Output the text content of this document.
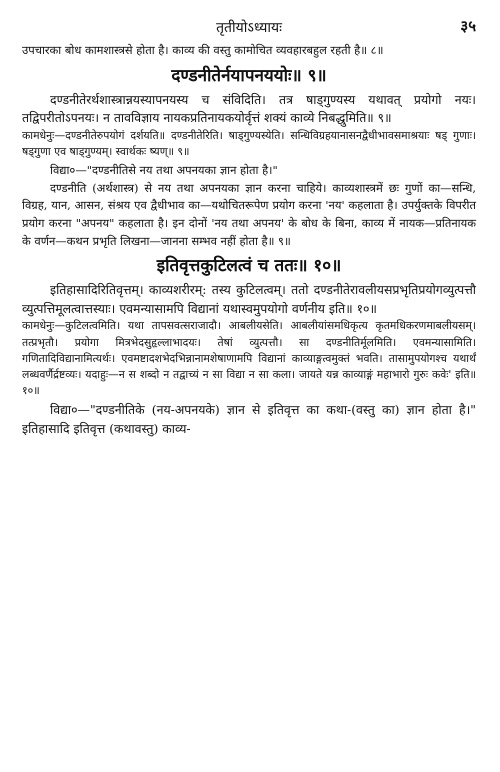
तृतीयोऽध्यायः	३५

उपचारका बोध कामशास्त्रसे होता है। काव्य की वस्तु कामोचित व्यवहारबहुल रहती है॥ ८॥

दण्डनीतेर्नयापनययोः॥ ९॥

दण्डनीतेरर्थशास्त्रान्नयस्यापनयस्य च संविदिति। तत्र षाड्गुण्यस्य यथावत् प्रयोगो नयः। तद्विपरीतोऽपनयः। न तावविज्ञाय नायकप्रतिनायकयोर्वृत्तं शक्यं काव्ये निबद्धुमिति॥ ९॥

कामधेनुः—दण्डनीतेरुपयोगं दर्शयति॥ दण्डनीतेरिति। षाड्गुण्यस्येति। सन्धिविग्रहयानासनद्वैधीभावसमाश्रयाः षड् गुणाः। षड्गुणा एव षाड्गुण्यम्। स्वार्थकः ष्यण्॥ ९॥

विद्या०—"दण्डनीतिसे नय तथा अपनयका ज्ञान होता है।"

दण्डनीति (अर्थशास्त्र) से नय तथा अपनयका ज्ञान करना चाहिये। काव्यशास्त्रमें छः गुणों का—सन्धि, विग्रह, यान, आसन, संश्रय एव द्वैधीभाव का—यथोचितरूपेण प्रयोग करना 'नय' कहलाता है। उपर्युक्तके विपरीत प्रयोग करना "अपनय" कहलाता है। इन दोनों 'नय तथा अपनय' के बोध के बिना, काव्य में नायक—प्रतिनायक के वर्णन—कथन प्रभृति लिखना—जानना सम्भव नहीं होता है॥ ९॥

इतिवृत्तकुटिलत्वं च ततः॥ १०॥

इतिहासादिरितिवृत्तम्। काव्यशरीरम्: तस्य कुटिलत्वम्। ततो दण्डनीतेरावलीयसप्रभृतिप्रयोगव्युत्पत्तौ व्युत्पत्तिमूलत्वात्तस्याः। एवमन्यासामपि विद्यानां यथास्वमुपयोगो वर्णनीय इति॥ १०॥

कामधेनुः—कुटिलत्वमिति। यथा तापसवत्सराजादौ। आबलीयसेति। आबलीयांसमधिकृत्य कृतमधिकरणमाबलीयसम्। तत्प्रभृतौ। प्रयोगा मित्रभेदसुहृल्लाभादयः। तेषां व्युत्पत्तौ। सा दण्डनीतिर्मूलमिति। एवमन्यासामिति। गणितादिविद्यानामित्यर्थः। एवमष्टादशभेदभिन्नानामशेषाणामपि विद्यानां काव्याङ्गत्वमुक्तं भवति। तासामुपयोगश्च यथार्थं लब्धवर्णैर्द्रष्टव्यः। यदाहुः—न स शब्दो न तद्वाच्यं न सा विद्या न सा कला। जायते यन्न काव्याङ्गं महाभारो गुरुः कवेः' इति॥ १०॥

विद्या०—"दण्डनीतिके (नय-अपनयके) ज्ञान से इतिवृत्त का कथा-(वस्तु का) ज्ञान होता है।" इतिहासादि इतिवृत्त (कथावस्तु) काव्य-
